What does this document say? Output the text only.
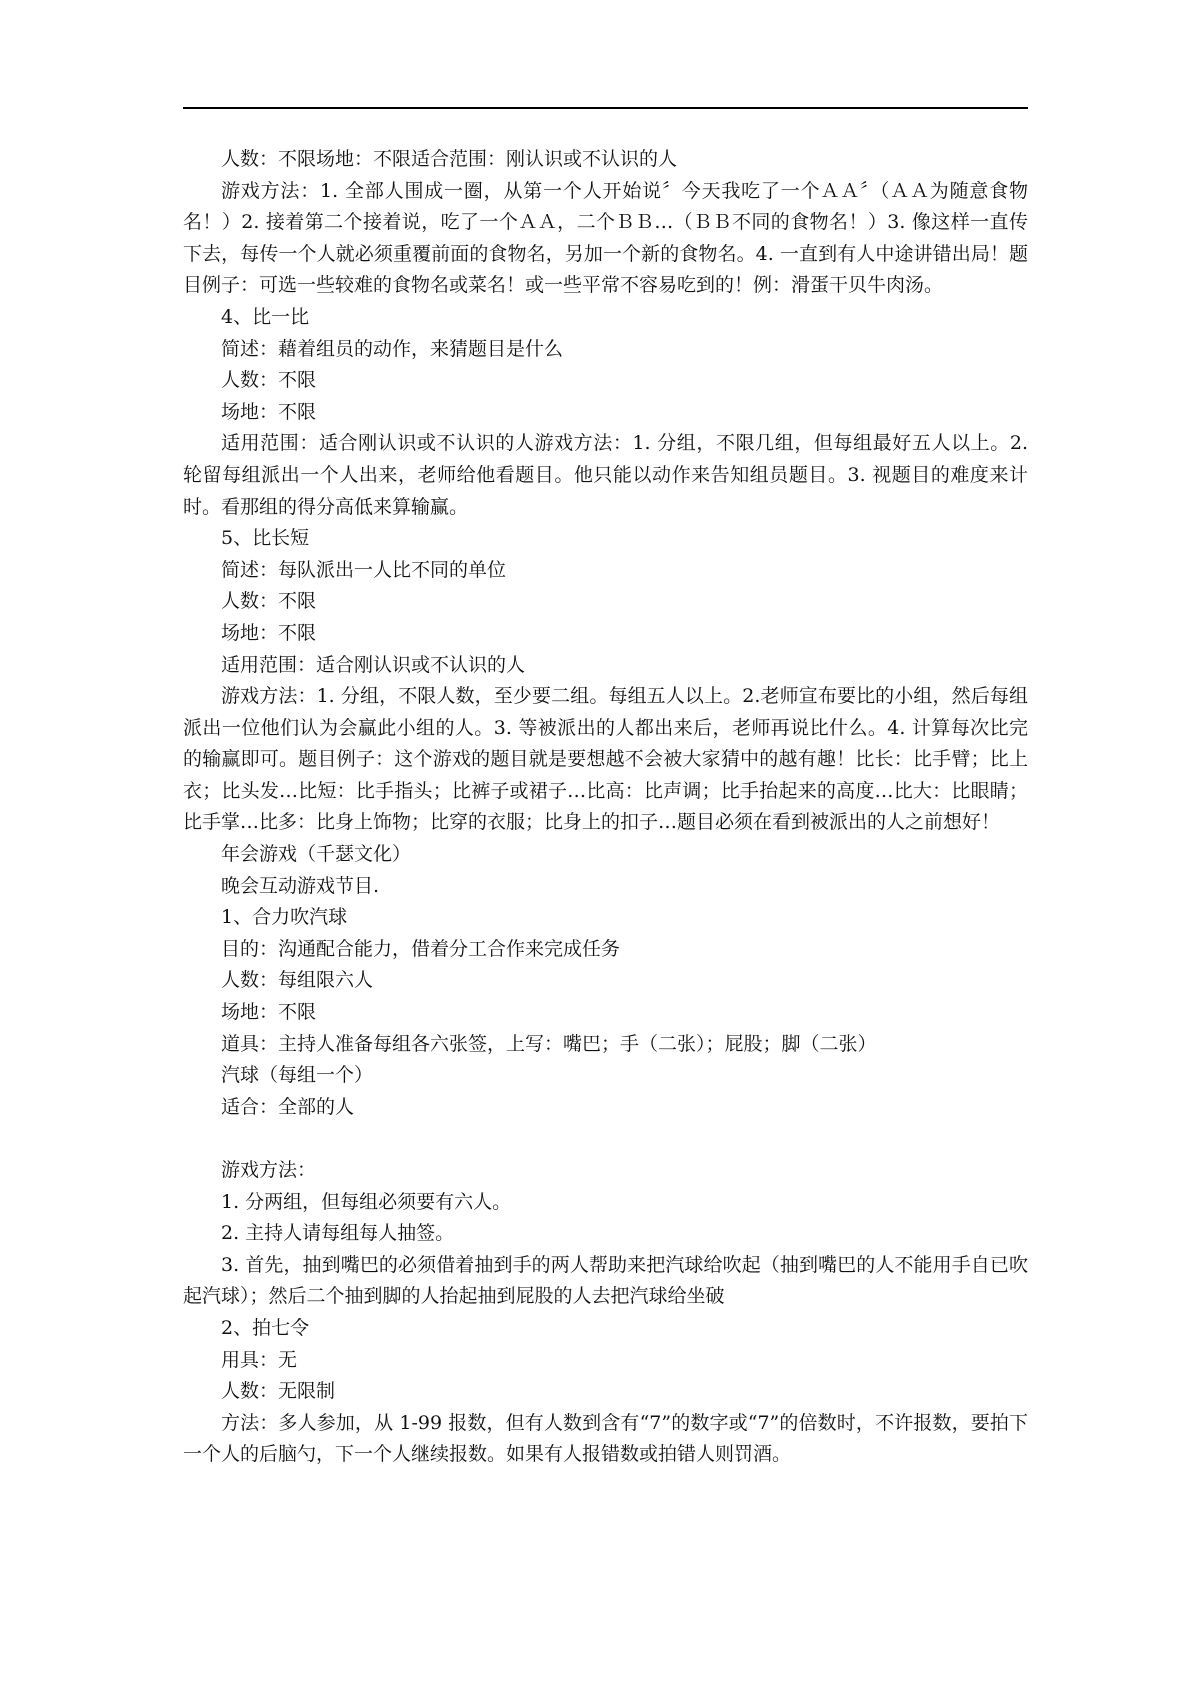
人数：不限场地：不限适合范围：刚认识或不认识的人

游戏方法：1. 全部人围成一圈，从第一个人开始说〞今天我吃了一个ＡＡ〞（ＡＡ为随意食物名！）2. 接着第二个接着说，吃了一个ＡＡ，二个ＢＢ…（ＢＢ不同的食物名！）3. 像这样一直传下去，每传一个人就必须重覆前面的食物名，另加一个新的食物名。4. 一直到有人中途讲错出局！题目例子：可选一些较难的食物名或菜名！或一些平常不容易吃到的！例：滑蛋干贝牛肉汤。

4、比一比

简述：藉着组员的动作，来猜题目是什么

人数：不限

场地：不限

适用范围：适合刚认识或不认识的人游戏方法：1. 分组，不限几组，但每组最好五人以上。2. 轮留每组派出一个人出来，老师给他看题目。他只能以动作来告知组员题目。3. 视题目的难度来计时。看那组的得分高低来算输赢。

5、比长短

简述：每队派出一人比不同的单位

人数：不限

场地：不限

适用范围：适合刚认识或不认识的人

游戏方法：1. 分组，不限人数，至少要二组。每组五人以上。2.老师宣布要比的小组，然后每组派出一位他们认为会赢此小组的人。3. 等被派出的人都出来后，老师再说比什么。4. 计算每次比完的输赢即可。题目例子：这个游戏的题目就是要想越不会被大家猜中的越有趣！比长：比手臂；比上衣；比头发…比短：比手指头；比裤子或裙子…比高：比声调；比手抬起来的高度…比大：比眼睛；比手掌…比多：比身上饰物；比穿的衣服；比身上的扣子…题目必须在看到被派出的人之前想好！

年会游戏（千瑟文化）

晚会互动游戏节目.

1、合力吹汽球

目的：沟通配合能力，借着分工合作来完成任务

人数：每组限六人

场地：不限

道具：主持人准备每组各六张签，上写：嘴巴；手（二张）；屁股；脚（二张）

汽球（每组一个）

适合：全部的人

游戏方法：

1. 分两组，但每组必须要有六人。

2. 主持人请每组每人抽签。

3. 首先，抽到嘴巴的必须借着抽到手的两人帮助来把汽球给吹起（抽到嘴巴的人不能用手自已吹起汽球）；然后二个抽到脚的人抬起抽到屁股的人去把汽球给坐破

2、拍七令

用具：无

人数：无限制

方法：多人参加，从 1-99 报数，但有人数到含有“7”的数字或“7”的倍数时，不许报数，要拍下一个人的后脑勺，下一个人继续报数。如果有人报错数或拍错人则罚酒。
